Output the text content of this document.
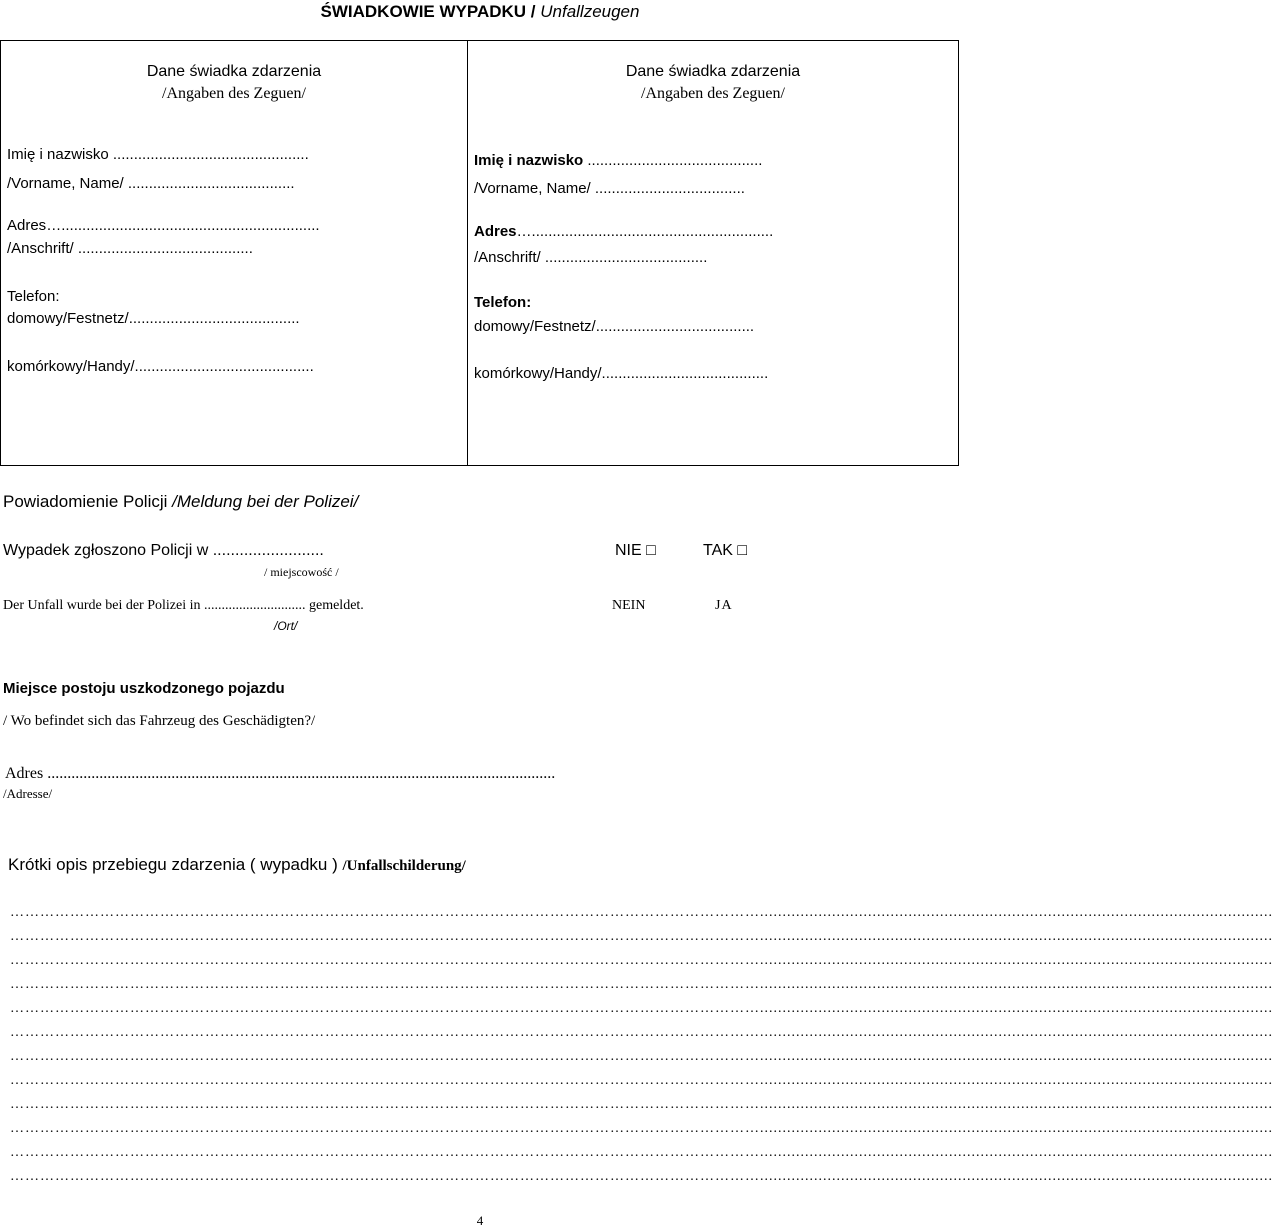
ŚWIADKOWIE WYPADKU / Unfallzeugen
Dane świadka zdarzenia
/Angaben des Zeguen/
Imię i nazwisko ...............................................
/Vorname, Name/ ........................................
Adres…..............................................................
/Anschrift/ ..........................................
Telefon:
domowy/Festnetz/.........................................
komórkowy/Handy/...........................................
Dane świadka zdarzenia
/Angaben des Zeguen/
Imię i nazwisko ..........................................
/Vorname, Name/ ....................................
Adres…..........................................................
/Anschrift/ .......................................
Telefon:
domowy/Festnetz/......................................
komórkowy/Handy/........................................
Powiadomienie Policji /Meldung bei der Polizei/
Wypadek zgłoszono Policji w .........................
/ miejscowość /
NIE □	TAK □
Der Unfall wurde bei der Polizei in ............................. gemeldet.
/Ort/
NEIN	JA
Miejsce postoju uszkodzonego pojazdu
/ Wo befindet sich das Fahrzeug des Geschädigten?/
Adres ...............................................................................................................................
/Adresse/
Krótki opis przebiegu zdarzenia ( wypadku ) /Unfallschilderung/
……………………………………………………………………………………………………………………………………..................................................................................................................
……………………………………………………………………………………………………………………………………..................................................................................................................
……………………………………………………………………………………………………………………………………..................................................................................................................
……………………………………………………………………………………………………………………………………..................................................................................................................
……………………………………………………………………………………………………………………………………..................................................................................................................
……………………………………………………………………………………………………………………………………..................................................................................................................
……………………………………………………………………………………………………………………………………..................................................................................................................
……………………………………………………………………………………………………………………………………..................................................................................................................
……………………………………………………………………………………………………………………………………..................................................................................................................
……………………………………………………………………………………………………………………………………..................................................................................................................
……………………………………………………………………………………………………………………………………..................................................................................................................
……………………………………………………………………………………………………………………………………..................................................................................................................
4
